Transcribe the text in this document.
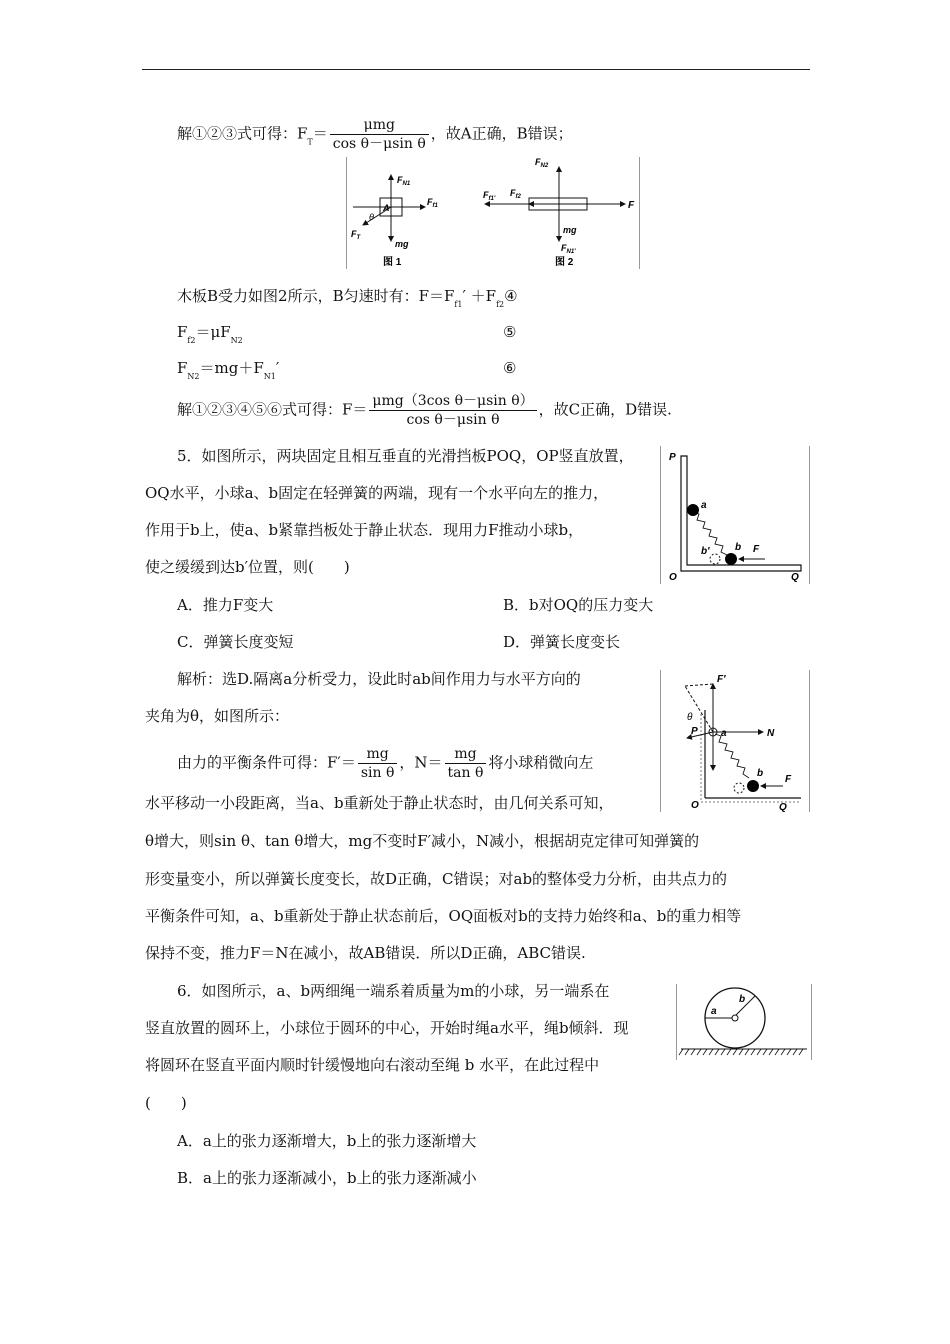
解①②③式可得：$F_T= \frac{\text{μmg}}{\text{cos θ－μsin θ}}$ ，故A正确，B错误；
$F_{N1}$
$F_{f1}$
$F_T$
mg
θ
A
图 1
$F_{N2}$
$F_{f1'}$
$F_{f2}$
F
mg
$F_{N1'}$
图 2
木板B受力如图2所示，B匀速时有：$F=F_{f1}'$ $+F_{f2}④$
$F_{f2}=\mu F_{N2}$	⑤
$F_{N2}=mg+F_{N1}'$	⑥
解①②③④⑤⑥式可得：$F= \frac{\text{μmg（3cos θ－μsin θ）}}{\text{cos θ－μsin θ}}$ ，故C正确，D错误.
5．如图所示，两块固定且相互垂直的光滑挡板POQ，OP竖直放置，
OQ水平，小球a、b固定在轻弹簧的两端，现有一个水平向左的推力，
作用于b上，使a、b紧靠挡板处于静止状态．现用力F推动小球b，
使之缓缓到达b′位置，则(　　)
P
a
b
b′	F
O	Q
A．推力F变大	B．b对OQ的压力变大
C．弹簧长度变短	D．弹簧长度变长
解析：选D.隔离a分析受力，设此时ab间作用力与水平方向的
夹角为θ，如图所示：
由力的平衡条件可得：$F'= \frac{mg}{\text{sin θ}}$ ，$N= \frac{mg}{\text{tan θ}}$ 将小球稍微向左
水平移动一小段距离，当a、b重新处于静止状态时，由几何关系可知，
θ增大，则sin θ、tan θ增大，mg不变时F′减小，N减小，根据胡克定律可知弹簧的
形变量变小，所以弹簧长度变长，故D正确，C错误；对ab的整体受力分析，由共点力的
平衡条件可知，a、b重新处于静止状态前后，OQ面板对b的支持力始终和a、b的重力相等
保持不变，推力F＝N在减小，故AB错误．所以D正确，ABC错误.
F′
θ
P a	N
b
F
O	Q
6．如图所示，a、b两细绳一端系着质量为m的小球，另一端系在
竖直放置的圆环上，小球位于圆环的中心，开始时绳a水平，绳b倾斜．现
将圆环在竖直平面内顺时针缓慢地向右滚动至绳 b 水平，在此过程中
(　　)
a
b
A．a上的张力逐渐增大，b上的张力逐渐增大
B．a上的张力逐渐减小，b上的张力逐渐减小
